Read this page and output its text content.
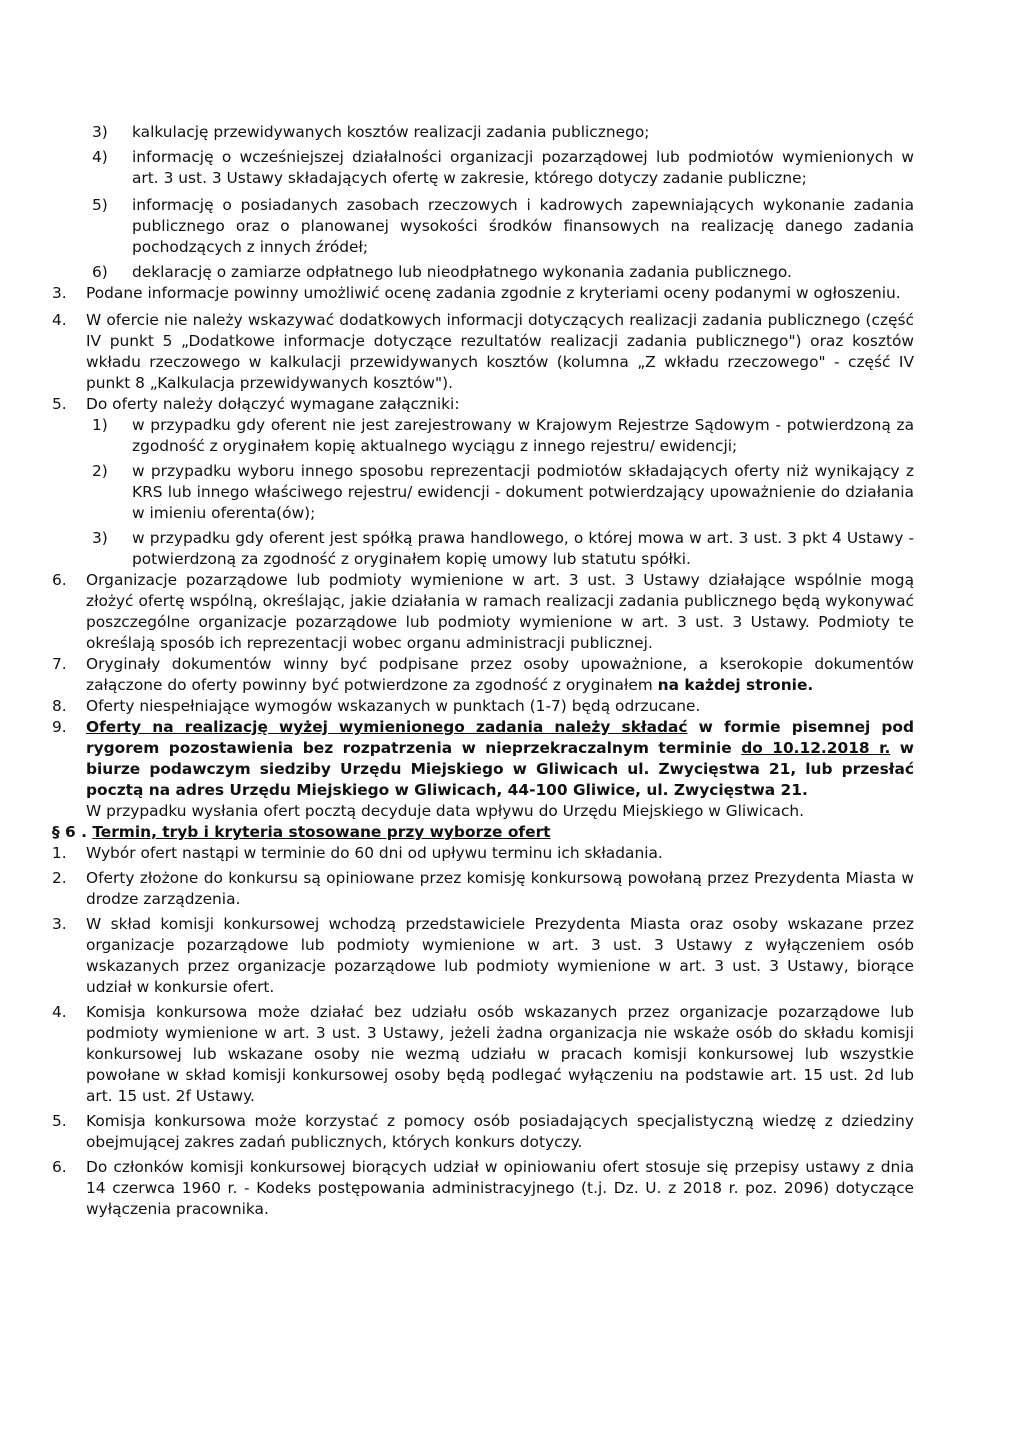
3)	kalkulację przewidywanych kosztów realizacji zadania publicznego;
4)	informację o wcześniejszej działalności organizacji pozarządowej lub podmiotów wymienionych w art. 3 ust. 3 Ustawy składających ofertę w zakresie, którego dotyczy zadanie publiczne;
5)	informację o posiadanych zasobach rzeczowych i kadrowych zapewniających wykonanie zadania publicznego oraz o planowanej wysokości środków finansowych na realizację danego zadania pochodzących z innych źródeł;
6)	deklarację o zamiarze odpłatnego lub nieodpłatnego wykonania zadania publicznego.
3.	Podane informacje powinny umożliwić ocenę zadania zgodnie z kryteriami oceny podanymi w ogłoszeniu.
4.	W ofercie nie należy wskazywać dodatkowych informacji dotyczących realizacji zadania publicznego (część IV punkt 5 „Dodatkowe informacje dotyczące rezultatów realizacji zadania publicznego") oraz kosztów wkładu rzeczowego w kalkulacji przewidywanych kosztów (kolumna „Z wkładu rzeczowego" - część IV punkt 8 „Kalkulacja przewidywanych kosztów").
5.	Do oferty należy dołączyć wymagane załączniki:
1)	w przypadku gdy oferent nie jest zarejestrowany w Krajowym Rejestrze Sądowym - potwierdzoną za zgodność z oryginałem kopię aktualnego wyciągu z innego rejestru/ ewidencji;
2)	w przypadku wyboru innego sposobu reprezentacji podmiotów składających oferty niż wynikający z KRS lub innego właściwego rejestru/ ewidencji - dokument potwierdzający upoważnienie do działania w imieniu oferenta(ów);
3)	w przypadku gdy oferent jest spółką prawa handlowego, o której mowa w art. 3 ust. 3 pkt 4 Ustawy - potwierdzoną za zgodność z oryginałem kopię umowy lub statutu spółki.
6.	Organizacje pozarządowe lub podmioty wymienione w art. 3 ust. 3 Ustawy działające wspólnie mogą złożyć ofertę wspólną, określając, jakie działania w ramach realizacji zadania publicznego będą wykonywać poszczególne organizacje pozarządowe lub podmioty wymienione w art. 3 ust. 3 Ustawy. Podmioty te określają sposób ich reprezentacji wobec organu administracji publicznej.
7.	Oryginały dokumentów winny być podpisane przez osoby upoważnione, a kserokopie dokumentów załączone do oferty powinny być potwierdzone za zgodność z oryginałem na każdej stronie.
8.	Oferty niespełniające wymogów wskazanych w punktach (1-7) będą odrzucane.
9.	Oferty na realizację wyżej wymienionego zadania należy składać w formie pisemnej pod rygorem pozostawienia bez rozpatrzenia w nieprzekraczalnym terminie do 10.12.2018 r. w biurze podawczym siedziby Urzędu Miejskiego w Gliwicach ul. Zwycięstwa 21, lub przesłać pocztą na adres Urzędu Miejskiego w Gliwicach, 44-100 Gliwice, ul. Zwycięstwa 21.

W przypadku wysłania ofert pocztą decyduje data wpływu do Urzędu Miejskiego w Gliwicach.

§ 6 . Termin, tryb i kryteria stosowane przy wyborze ofert

1.	Wybór ofert nastąpi w terminie do 60 dni od upływu terminu ich składania.
2.	Oferty złożone do konkursu są opiniowane przez komisję konkursową powołaną przez Prezydenta Miasta w drodze zarządzenia.
3.	W skład komisji konkursowej wchodzą przedstawiciele Prezydenta Miasta oraz osoby wskazane przez organizacje pozarządowe lub podmioty wymienione w art. 3 ust. 3 Ustawy z wyłączeniem osób wskazanych przez organizacje pozarządowe lub podmioty wymienione w art. 3 ust. 3 Ustawy, biorące udział w konkursie ofert.
4.	Komisja konkursowa może działać bez udziału osób wskazanych przez organizacje pozarządowe lub podmioty wymienione w art. 3 ust. 3 Ustawy, jeżeli żadna organizacja nie wskaże osób do składu komisji konkursowej lub wskazane osoby nie wezmą udziału w pracach komisji konkursowej lub wszystkie powołane w skład komisji konkursowej osoby będą podlegać wyłączeniu na podstawie art. 15 ust. 2d lub art. 15 ust. 2f Ustawy.
5.	Komisja konkursowa może korzystać z pomocy osób posiadających specjalistyczną wiedzę z dziedziny obejmującej zakres zadań publicznych, których konkurs dotyczy.
6.	Do członków komisji konkursowej biorących udział w opiniowaniu ofert stosuje się przepisy ustawy z dnia 14 czerwca 1960 r. - Kodeks postępowania administracyjnego (t.j. Dz. U. z 2018 r. poz. 2096) dotyczące wyłączenia pracownika.
